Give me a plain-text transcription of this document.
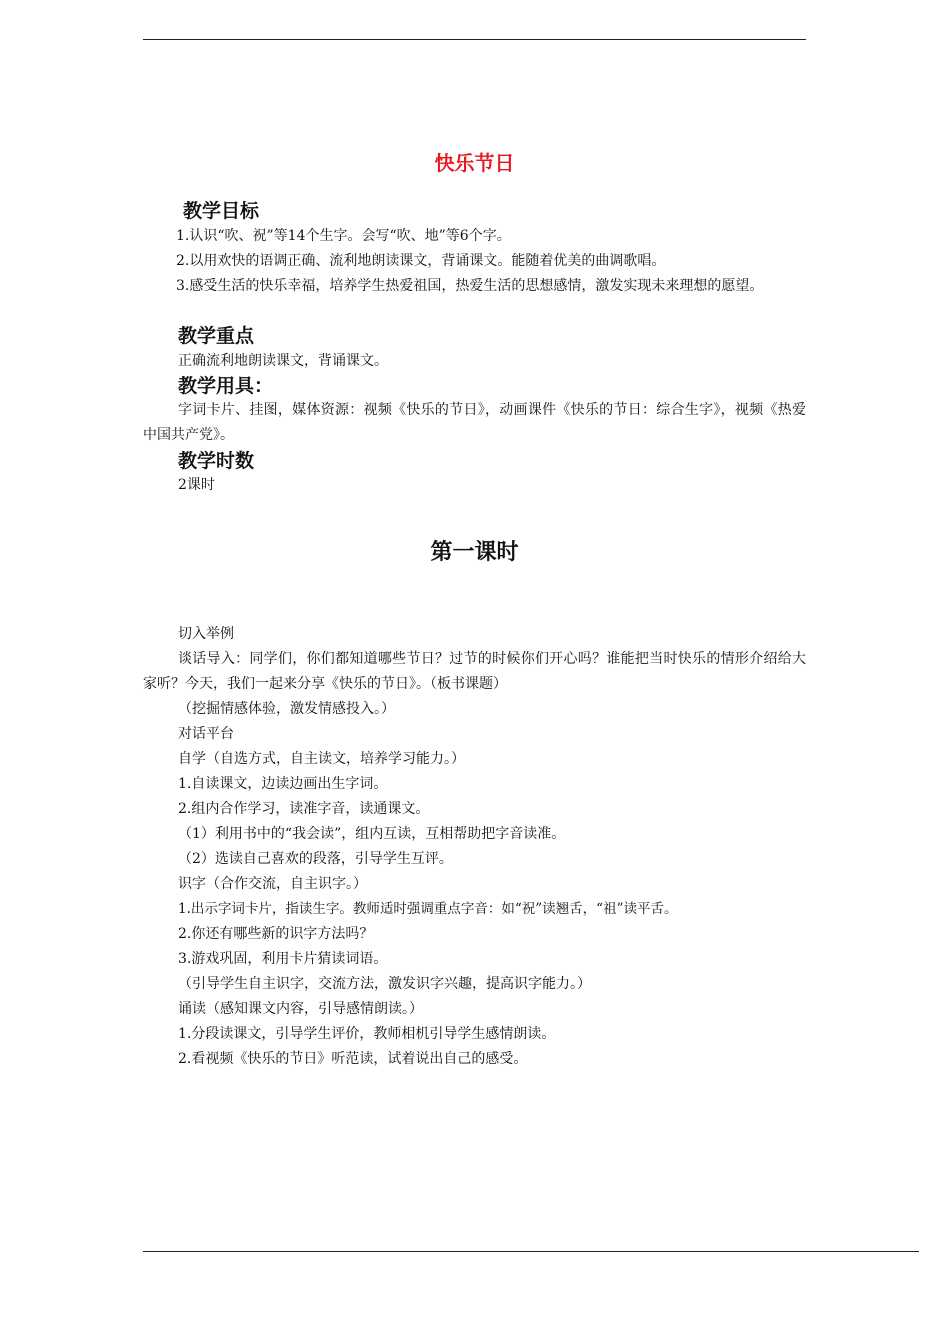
快乐节日
教学目标
1.认识“吹、祝”等14个生字。会写“吹、地”等6个字。
2.以用欢快的语调正确、流利地朗读课文，背诵课文。能随着优美的曲调歌唱。
3.感受生活的快乐幸福，培养学生热爱祖国，热爱生活的思想感情，激发实现未来理想的愿望。
教学重点
正确流利地朗读课文，背诵课文。
教学用具：
字词卡片、挂图，媒体资源：视频《快乐的节日》，动画课件《快乐的节日：综合生字》，视频《热爱中国共产党》。
教学时数
2课时
第一课时
切入举例
谈话导入：同学们，你们都知道哪些节日？过节的时候你们开心吗？谁能把当时快乐的情形介绍给大家听？今天，我们一起来分享《快乐的节日》。（板书课题）
（挖掘情感体验，激发情感投入。）
对话平台
自学（自选方式，自主读文，培养学习能力。）
1.自读课文，边读边画出生字词。
2.组内合作学习，读准字音，读通课文。
（1）利用书中的“我会读”，组内互读，互相帮助把字音读准。
（2）选读自己喜欢的段落，引导学生互评。
识字（合作交流，自主识字。）
1.出示字词卡片，指读生字。教师适时强调重点字音：如“祝”读翘舌，“祖”读平舌。
2.你还有哪些新的识字方法吗？
3.游戏巩固，利用卡片猜读词语。
（引导学生自主识字，交流方法，激发识字兴趣，提高识字能力。）
诵读（感知课文内容，引导感情朗读。）
1.分段读课文，引导学生评价，教师相机引导学生感情朗读。
2.看视频《快乐的节日》听范读，试着说出自己的感受。
